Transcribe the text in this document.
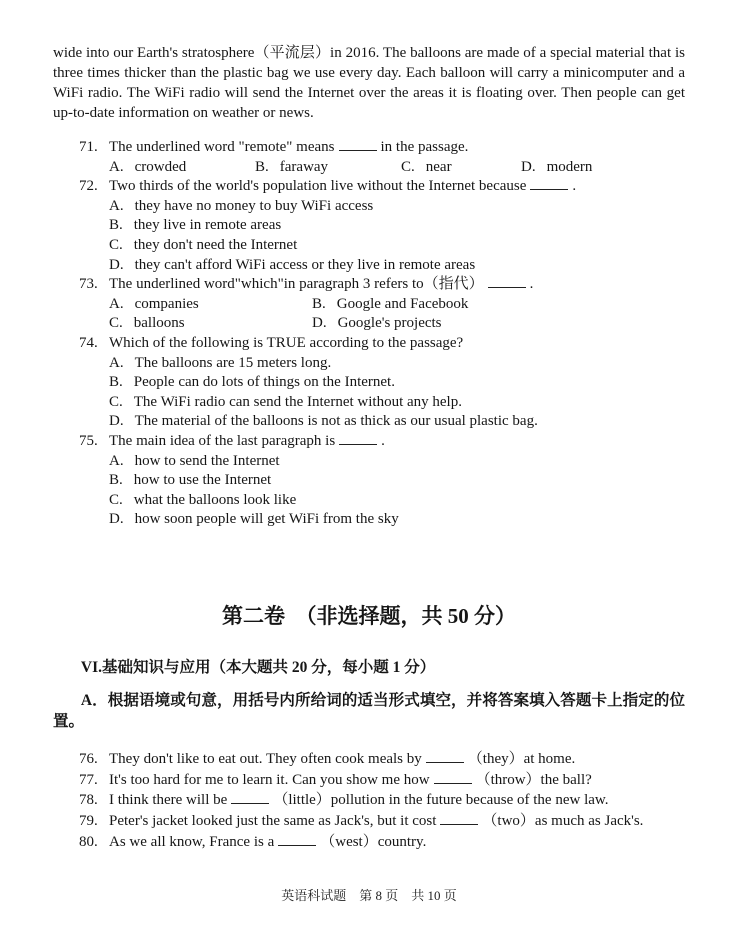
wide into our Earth's stratosphere（平流层）in 2016. The balloons are made of a special material that is three times thicker than the plastic bag we use every day. Each balloon will carry a minicomputer and a WiFi radio. The WiFi radio will send the Internet over the areas it is floating over. Then people can get up-to-date information on weather or news.

71. The underlined word "remote" means	in the passage.
A. crowded	B. faraway	C. near	D. modern
72. Two thirds of the world's population live without the Internet because	.
A. they have no money to buy WiFi access
B. they live in remote areas
C. they don't need the Internet
D. they can't afford WiFi access or they live in remote areas
73. The underlined word"which"in paragraph 3 refers to（指代）	.
A. companies	B. Google and Facebook
C. balloons	D. Google's projects
74. Which of the following is TRUE according to the passage?
A. The balloons are 15 meters long.
B. People can do lots of things on the Internet.
C. The WiFi radio can send the Internet without any help.
D. The material of the balloons is not as thick as our usual plastic bag.
75. The main idea of the last paragraph is	.
A. how to send the Internet
B. how to use the Internet
C. what the balloons look like
D. how soon people will get WiFi from the sky
第二卷　（非选择题，共 50 分）
VI.基础知识与应用（本大题共 20 分，每小题 1 分）
A．根据语境或句意，用括号内所给词的适当形式填空，并将答案填入答题卡上指定的位置。
76. They don't like to eat out. They often cook meals by	（they）at home.
77. It's too hard for me to learn it. Can you show me how	（throw）the ball?
78. I think there will be	（little）pollution in the future because of the new law.
79. Peter's jacket looked just the same as Jack's, but it cost	（two）as much as Jack's.
80. As we all know, France is a	（west）country.
英语科试题　第 8 页　共 10 页
